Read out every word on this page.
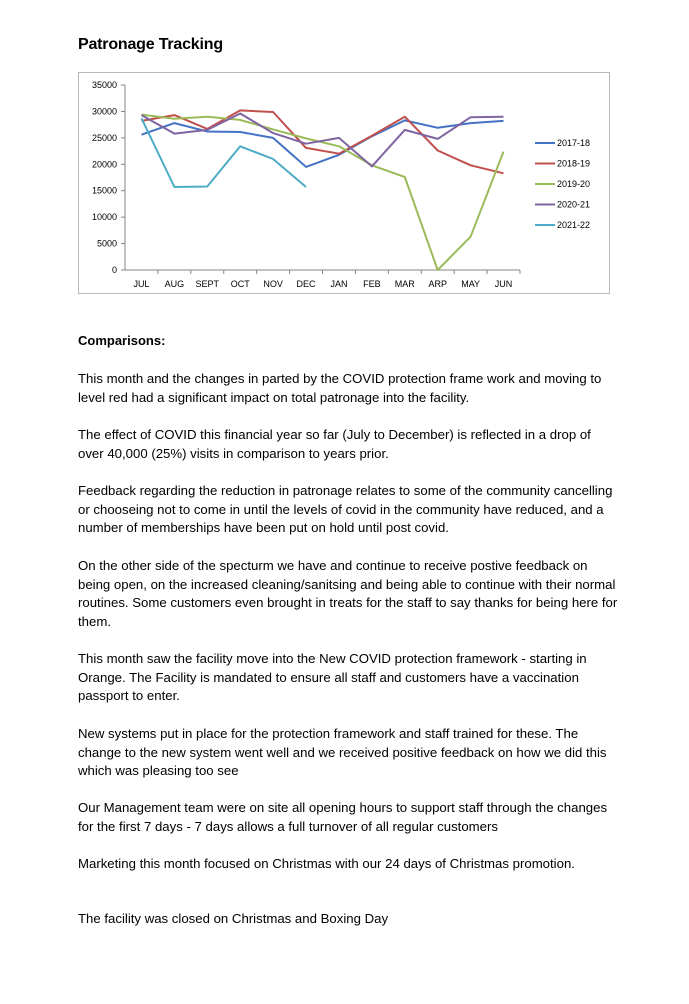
Patronage Tracking
35000
30000
25000
20000
15000
10000
5000
0
JUL AUG SEPT OCT NOV DEC JAN FEB MAR ARP MAY JUN
2017-18
2018-19
2019-20
2020-21
2021-22
Comparisons:

This month and the changes in parted by the COVID protection frame work and moving to level red had a significant impact on total patronage into the facility.

The effect of COVID this financial year so far (July to December) is reflected in a drop of over 40,000 (25%) visits in comparison to years prior.

Feedback regarding the reduction in patronage relates to some of the community cancelling or chooseing not to come in until the levels of covid in the community have reduced, and a number of memberships have been put on hold until post covid.

On the other side of the specturm we have and continue to receive postive feedback on being open, on the increased cleaning/sanitsing and being able to continue with their normal routines. Some customers even brought in treats for the staff to say thanks for being here for them.

This month saw the facility move into the New COVID protection framework - starting in Orange. The Facility is mandated to ensure all staff and customers have a vaccination passport to enter.

New systems put in place for the protection framework and staff trained for these. The change to the new system went well and we received positive feedback on how we did this which was pleasing too see

Our Management team were on site all opening hours to support staff through the changes for the first 7 days - 7 days allows a full turnover of all regular customers

Marketing this month focused on Christmas with our 24 days of Christmas promotion.

The facility was closed on Christmas and Boxing Day
